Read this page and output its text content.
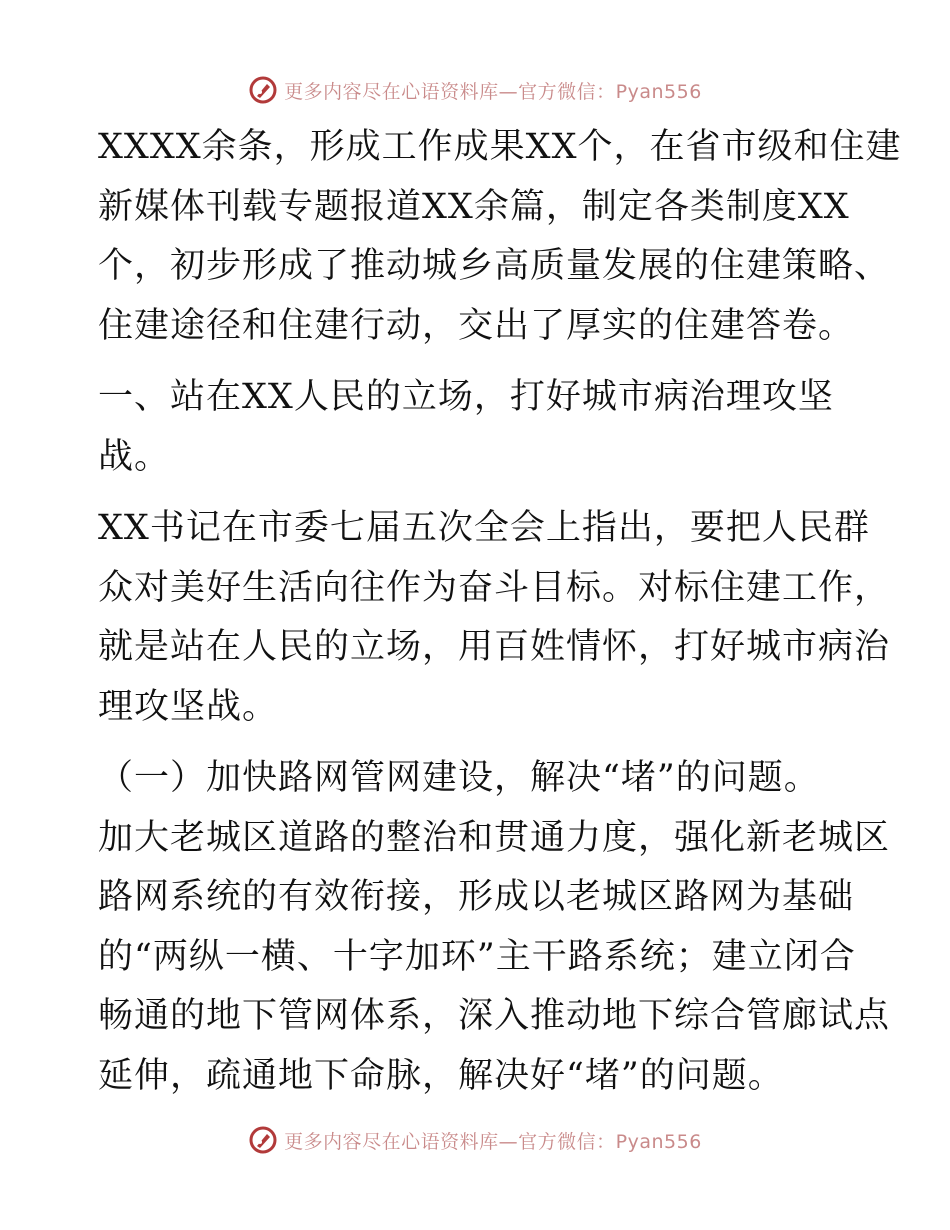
更多内容尽在心语资料库—官方微信：Pyan556
XXXX余条，形成工作成果XX个，在省市级和住建
新媒体刊载专题报道XX余篇，制定各类制度XX
个，初步形成了推动城乡高质量发展的住建策略、
住建途径和住建行动，交出了厚实的住建答卷。
一、站在XX人民的立场，打好城市病治理攻坚
战。
XX书记在市委七届五次全会上指出，要把人民群
众对美好生活向往作为奋斗目标。对标住建工作，
就是站在人民的立场，用百姓情怀，打好城市病治
理攻坚战。
（一）加快路网管网建设，解决“堵”的问题。
加大老城区道路的整治和贯通力度，强化新老城区
路网系统的有效衔接，形成以老城区路网为基础
的“两纵一横、十字加环”主干路系统；建立闭合
畅通的地下管网体系，深入推动地下综合管廊试点
延伸，疏通地下命脉，解决好“堵”的问题。
更多内容尽在心语资料库—官方微信：Pyan556
